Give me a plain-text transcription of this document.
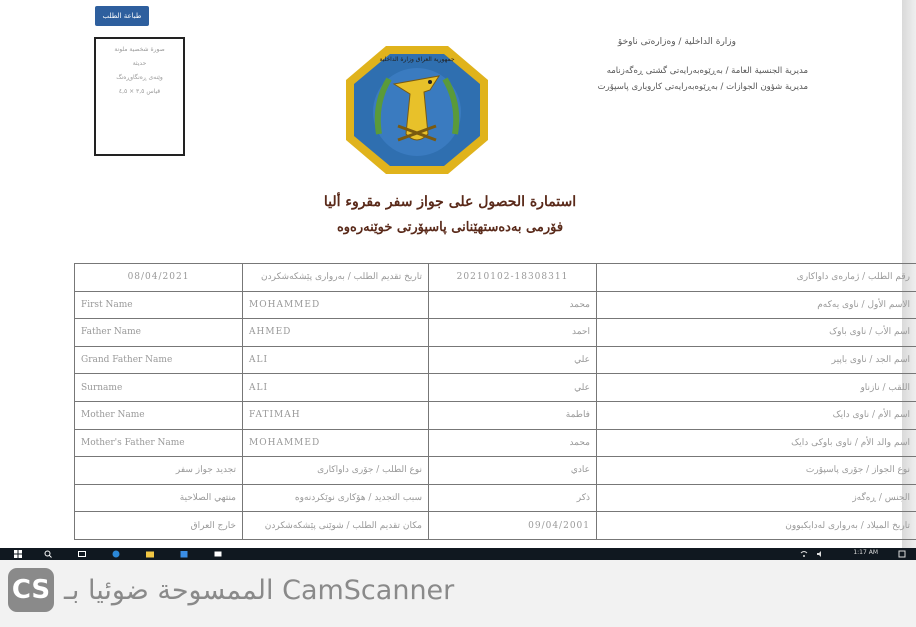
طباعة الطلب
صورة شخصية ملونة
حديثة
وێنەی ڕەنگاوڕەنگ
قياس ٣,٥ × ٤,٥
جمهورية العراق وزارة الداخلية
وزارة الداخلية / وەزارەتی ناوخۆ
مديرية الجنسية العامة / بەڕێوەبەرایەتی گشتی ڕەگەزنامە
مديرية شؤون الجوازات / بەڕێوەبەرایەتی کاروباری پاسپۆرت
استمارة الحصول على جواز سفر مقروء أليا
فۆرمی بەدەستهێنانی پاسپۆرتی خوێنەرەوە
08/04/2021	تاريخ تقديم الطلب / بەرواری پێشکەشکردن	20210102-18308311	رقم الطلب / ژمارەی داواکاری
First Name	MOHAMMED	محمد	الاسم الأول / ناوی یەکەم
Father Name	AHMED	احمد	اسم الأب / ناوی باوک
Grand Father Name	ALI	علي	اسم الجد / ناوی باپیر
Surname	ALI	علي	اللقب / نازناو
Mother Name	FATIMAH	فاطمة	اسم الأم / ناوی دایک
Mother's Father Name	MOHAMMED	محمد	اسم والد الأم / ناوی باوکی دایک
تجديد جواز سفر	نوع الطلب / جۆری داواکاری	عادي	نوع الجواز / جۆری پاسپۆرت
منتهي الصلاحية	سبب التجديد / هۆکاری نوێکردنەوە	ذكر	الجنس / ڕەگەز
خارج العراق	مكان تقديم الطلب / شوێنی پێشکەشکردن	09/04/2001	تاريخ الميلاد / بەرواری لەدایکبوون
1:17 AM
CS الممسوحة ضوئيا بـ CamScanner
